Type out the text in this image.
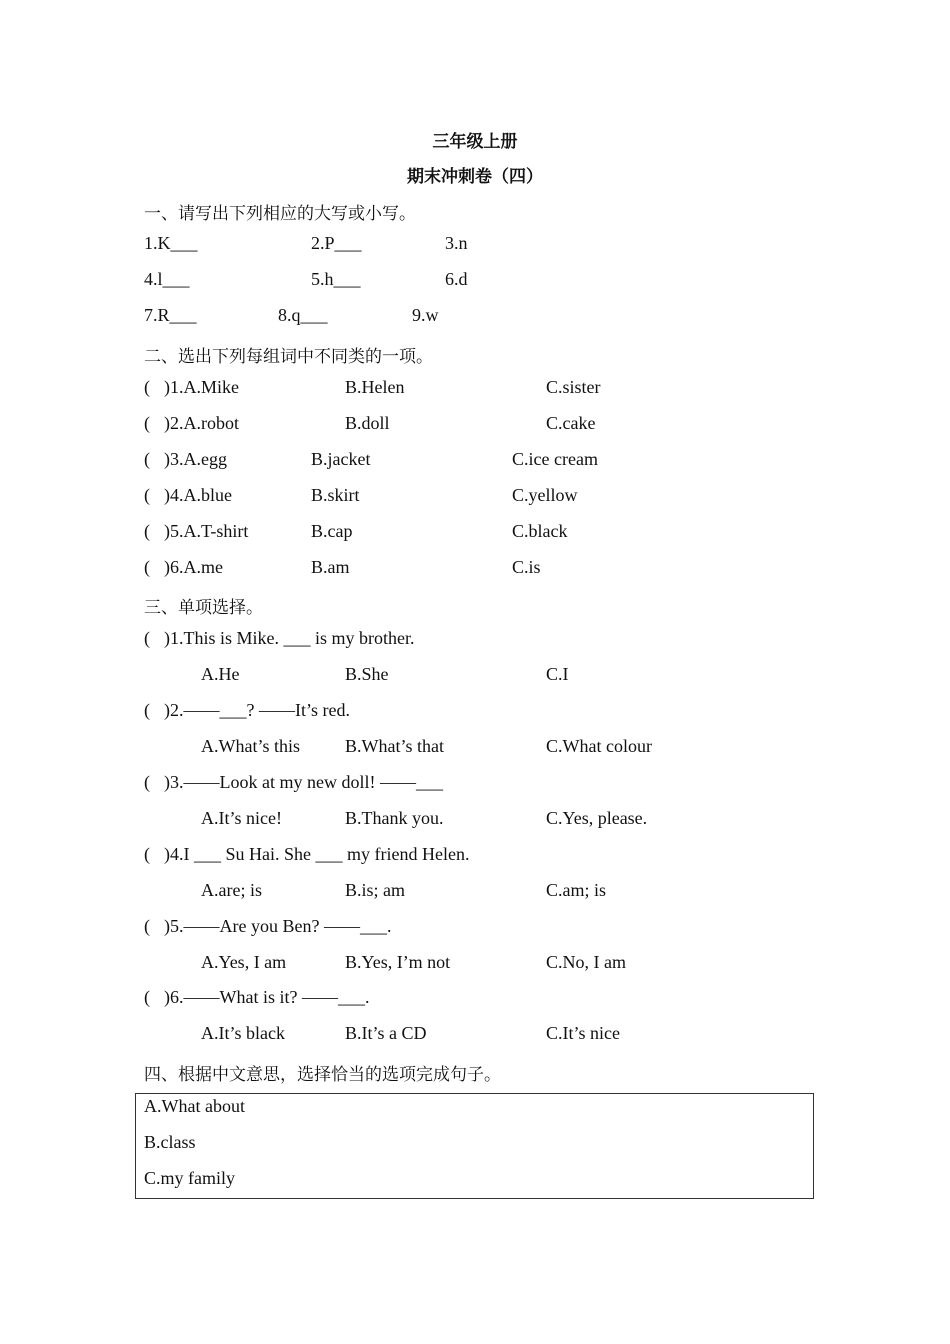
三年级上册
期末冲刺卷（四）
一、请写出下列相应的大写或小写。
1.K___	2.P___	3.n
4.l___	5.h___	6.d
7.R___	8.q___	9.w
二、选出下列每组词中不同类的一项。
( )1.A.Mike	B.Helen	C.sister
( )2.A.robot	B.doll	C.cake
( )3.A.egg	B.jacket	C.ice cream
( )4.A.blue	B.skirt	C.yellow
( )5.A.T-shirt	B.cap	C.black
( )6.A.me	B.am	C.is
三、单项选择。
( )1.This is Mike. ___ is my brother.
A.He	B.She	C.I
( )2.——___? ——It’s red.
A.What’s this	B.What’s that	C.What colour
( )3.——Look at my new doll! ——___
A.It’s nice!	B.Thank you.	C.Yes, please.
( )4.I ___ Su Hai. She ___ my friend Helen.
A.are; is	B.is; am	C.am; is
( )5.——Are you Ben? ——___.
A.Yes, I am	B.Yes, I’m not	C.No, I am
( )6.——What is it? ——___.
A.It’s black	B.It’s a CD	C.It’s nice
四、根据中文意思，选择恰当的选项完成句子。
A.What about
B.class
C.my family
